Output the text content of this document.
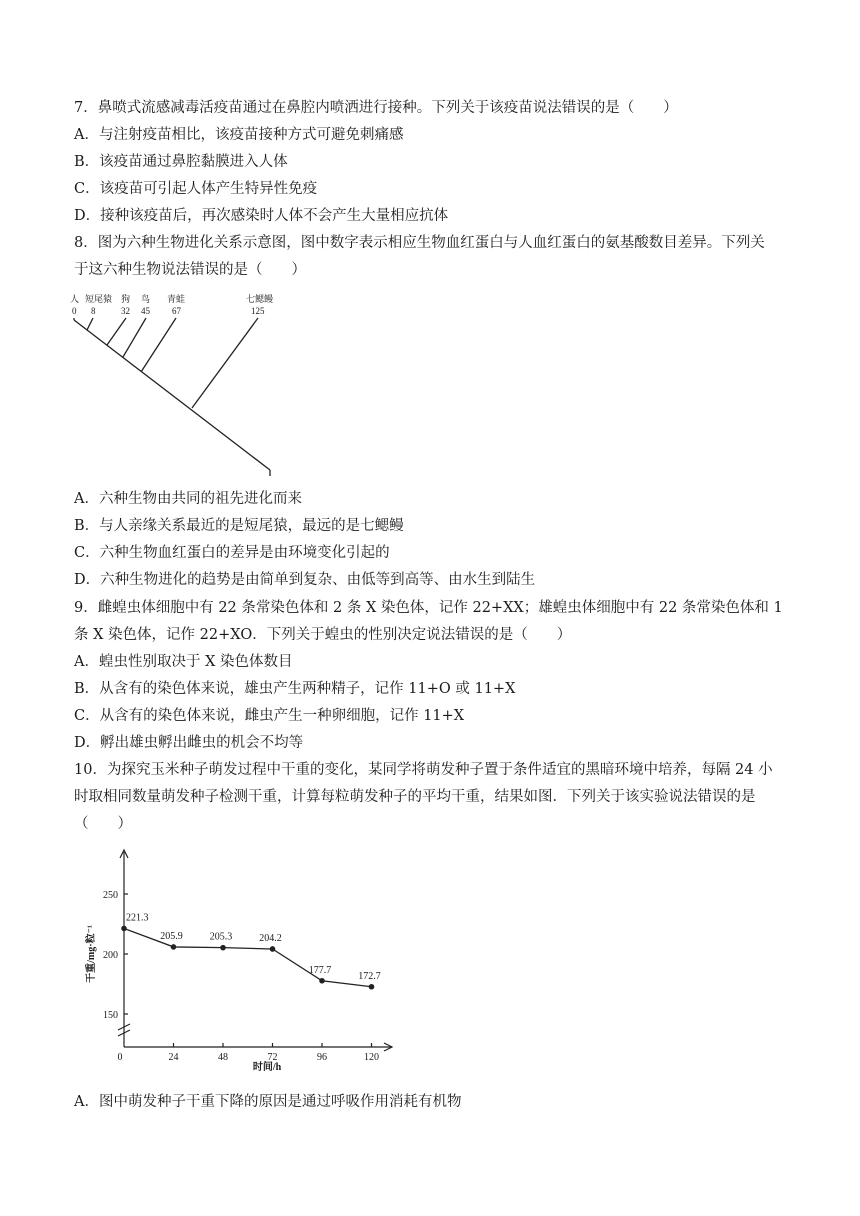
7．鼻喷式流感减毒活疫苗通过在鼻腔内喷洒进行接种。下列关于该疫苗说法错误的是（　　）
A．与注射疫苗相比，该疫苗接种方式可避免刺痛感
B．该疫苗通过鼻腔黏膜进入人体
C．该疫苗可引起人体产生特异性免疫
D．接种该疫苗后，再次感染时人体不会产生大量相应抗体
8．图为六种生物进化关系示意图，图中数字表示相应生物血红蛋白与人血红蛋白的氨基酸数目差异。下列关
于这六种生物说法错误的是（　　）
人 短尾猿 狗 鸟 青蛙	七鳃鳗
0 8	32 45 67	125
A．六种生物由共同的祖先进化而来
B．与人亲缘关系最近的是短尾猿，最远的是七鳃鳗
C．六种生物血红蛋白的差异是由环境变化引起的
D．六种生物进化的趋势是由简单到复杂、由低等到高等、由水生到陆生
9．雌蝗虫体细胞中有 22 条常染色体和 2 条 X 染色体，记作 22+XX；雄蝗虫体细胞中有 22 条常染色体和 1
条 X 染色体，记作 22+XO．下列关于蝗虫的性别决定说法错误的是（　　）
A．蝗虫性别取决于 X 染色体数目
B．从含有的染色体来说，雄虫产生两种精子，记作 11+O 或 11+X
C．从含有的染色体来说，雌虫产生一种卵细胞，记作 11+X
D．孵出雄虫孵出雌虫的机会不均等
10．为探究玉米种子萌发过程中干重的变化，某同学将萌发种子置于条件适宜的黑暗环境中培养，每隔 24 小
时取相同数量萌发种子检测干重，计算每粒萌发种子的平均干重，结果如图．下列关于该实验说法错误的是
（　　）
150
200
250
0	24	48	72	96	120
221.3
205.9	205.3	204.2
177.7
172.7
时间/h
干重/mg·粒⁻¹
A．图中萌发种子干重下降的原因是通过呼吸作用消耗有机物
